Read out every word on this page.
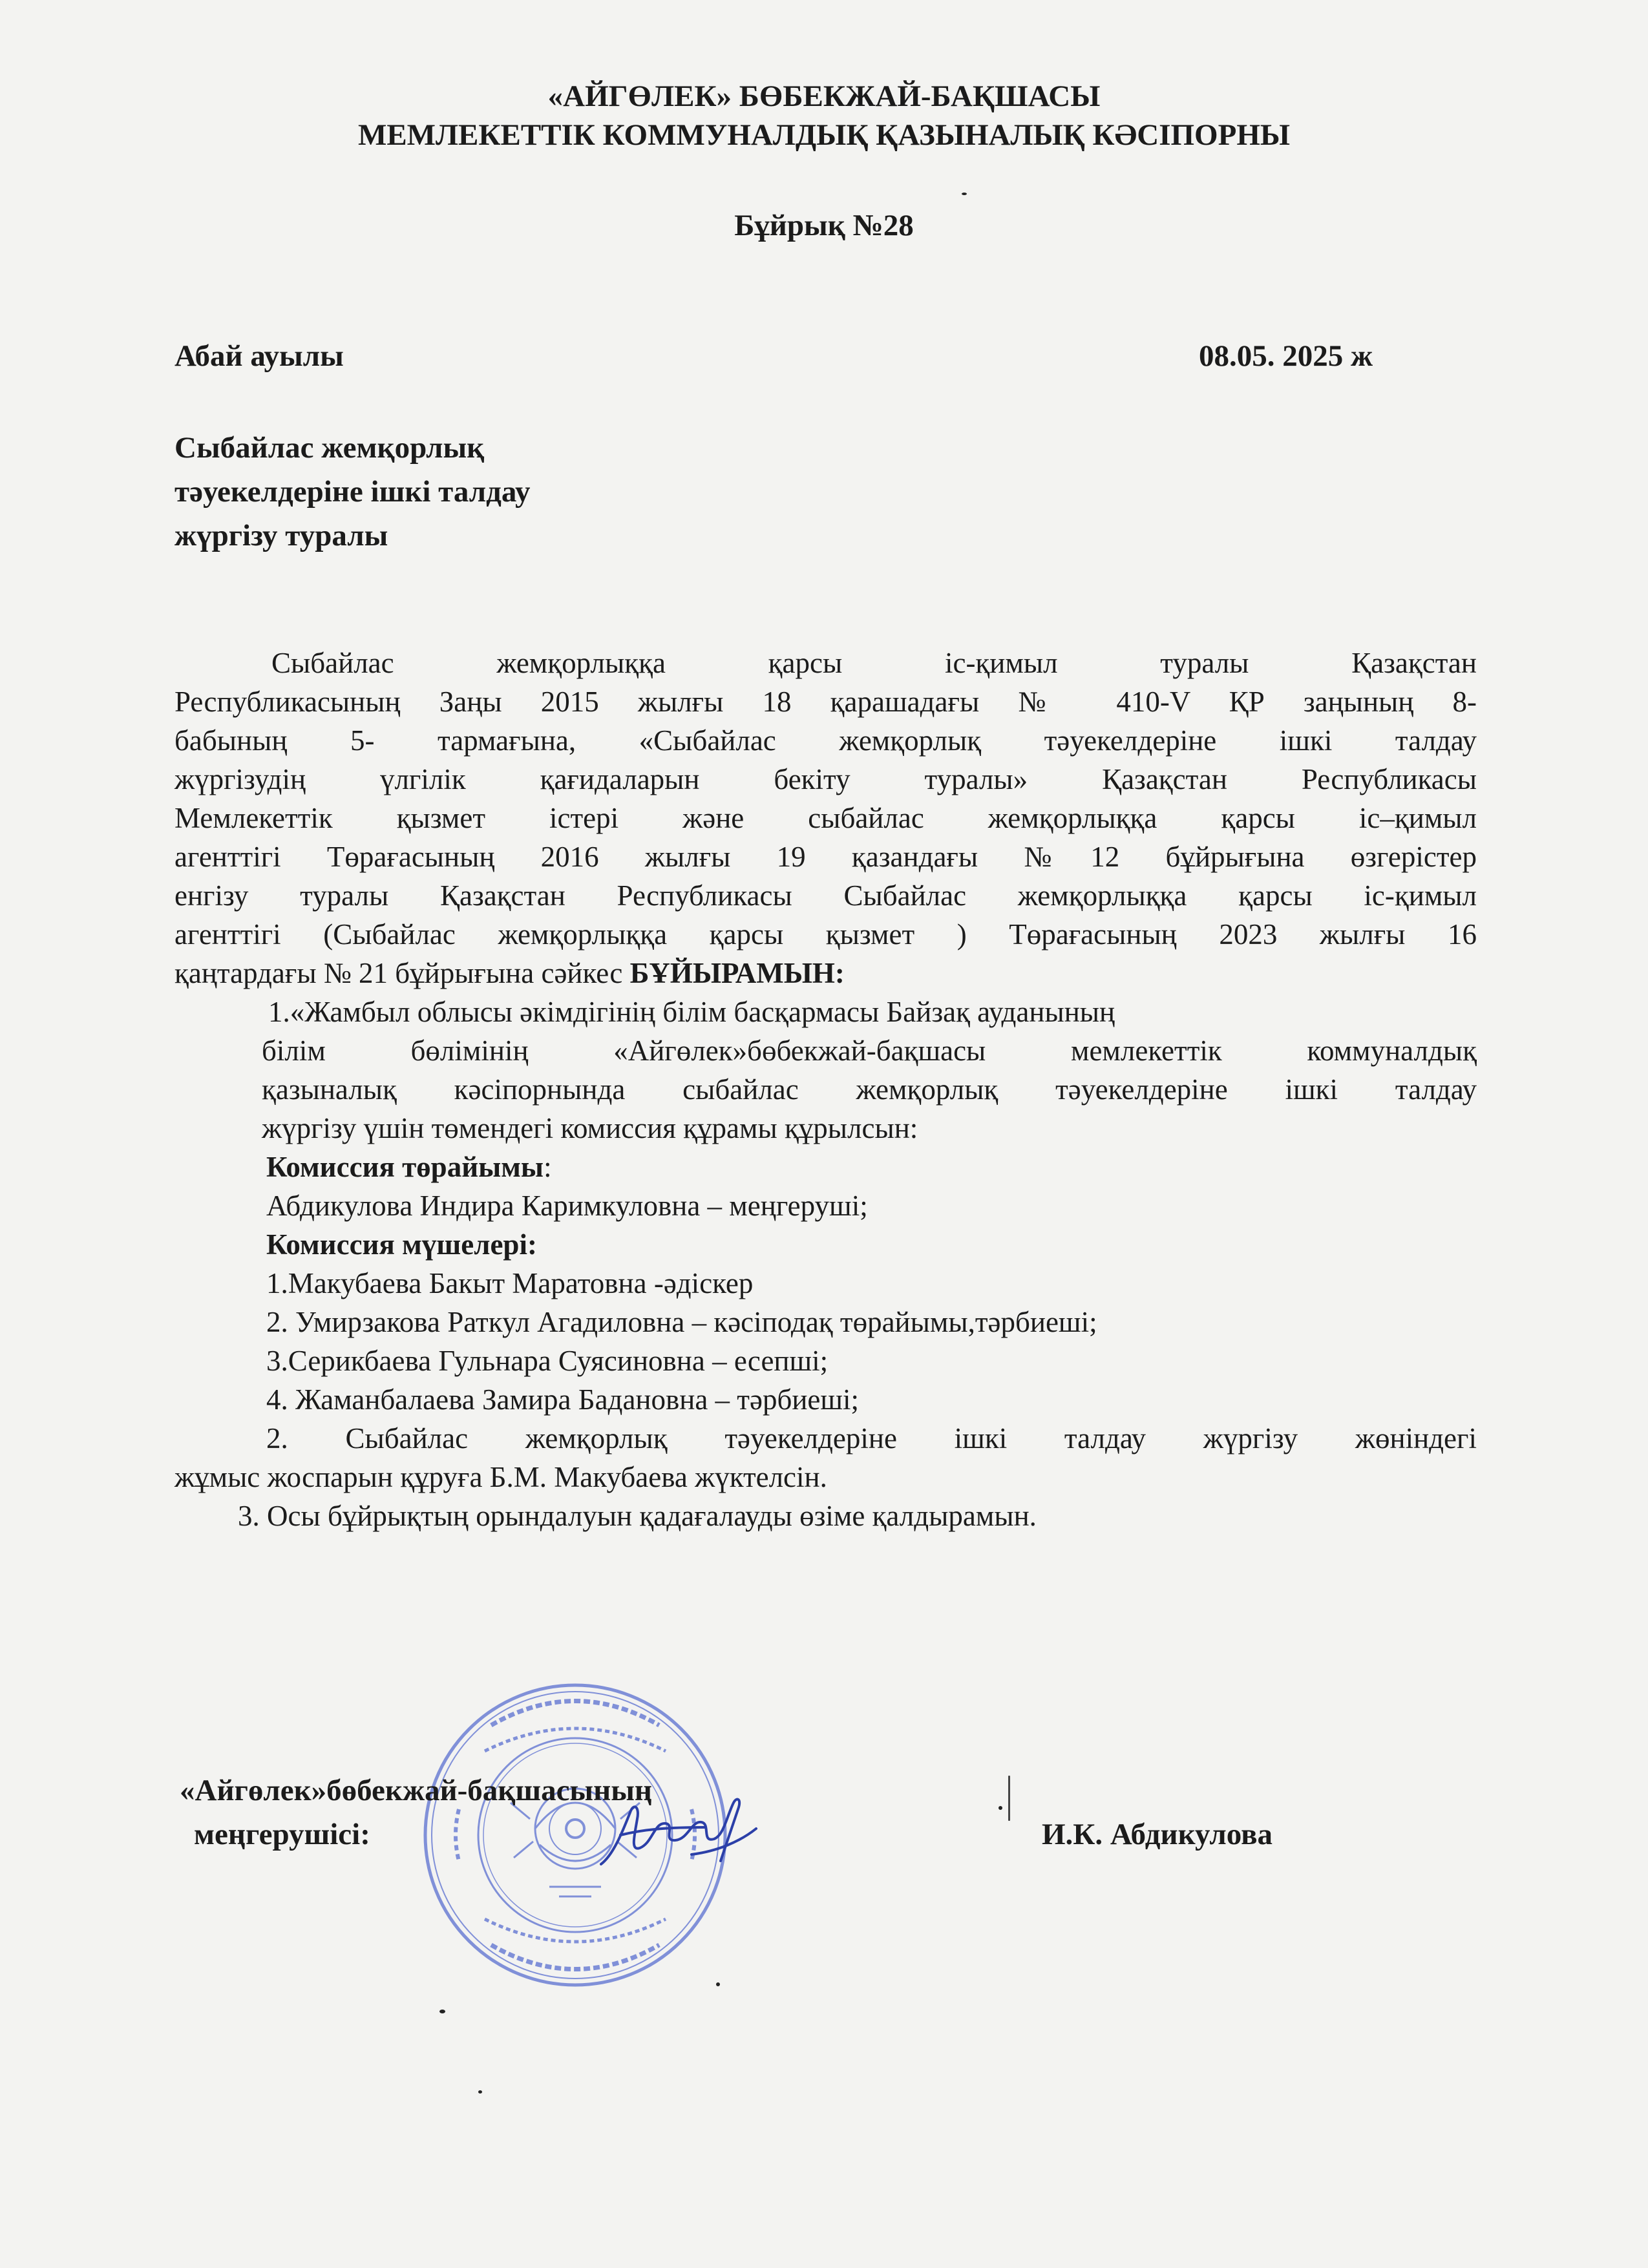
«АЙГӨЛЕК» БӨБЕКЖАЙ-БАҚШАСЫ
МЕМЛЕКЕТТІК КОММУНАЛДЫҚ ҚАЗЫНАЛЫҚ КӘСІПОРНЫ
Бұйрық №28
Абай ауылы	08.05. 2025 ж
Сыбайлас жемқорлық
тәуекелдеріне ішкі талдау
жүргізу туралы
Сыбайлас жемқорлыққа қарсы іс-қимыл туралы Қазақстан
Республикасының Заңы 2015 жылғы 18 қарашадағы № 410-V ҚР заңының 8-
бабының 5- тармағына, «Сыбайлас жемқорлық тәуекелдеріне ішкі талдау
жүргізудің үлгілік қағидаларын бекіту туралы» Қазақстан Республикасы
Мемлекеттік қызмет істері және сыбайлас жемқорлыққа қарсы іс–қимыл
агенттігі Төрағасының 2016 жылғы 19 қазандағы №12 бұйрығына өзгерістер
енгізу туралы Қазақстан Республикасы Сыбайлас жемқорлыққа қарсы іс-қимыл
агенттігі (Сыбайлас жемқорлыққа қарсы қызмет ) Төрағасының 2023 жылғы 16
қаңтардағы № 21 бұйрығына сәйкес БҰЙЫРАМЫН:
1.«Жамбыл облысы әкімдігінің білім басқармасы Байзақ ауданының
білім бөлімінің «Айгөлек»бөбекжай-бақшасы мемлекеттік коммуналдық
қазыналық кәсіпорнында сыбайлас жемқорлық тәуекелдеріне ішкі талдау
жүргізу үшін төмендегі комиссия құрамы құрылсын:
Комиссия төрайымы:
Абдикулова Индира Каримкуловна – меңгеруші;
Комиссия мүшелері:
1.Макубаева Бакыт Маратовна -әдіскер
2. Умирзакова Раткул Агадиловна – кәсіподақ төрайымы,тәрбиеші;
3.Серикбаева Гульнара Суясиновна – есепші;
4. Жаманбалаева Замира Бадановна – тәрбиеші;
2. Сыбайлас жемқорлық тәуекелдеріне ішкі талдау жүргізу жөніндегі
жұмыс жоспарын құруға Б.М. Макубаева жүктелсін.
3. Осы бұйрықтың орындалуын қадағалауды өзіме қалдырамын.
«Айгөлек»бөбекжай-бақшасының
меңгерушісі:	И.К. Абдикулова
